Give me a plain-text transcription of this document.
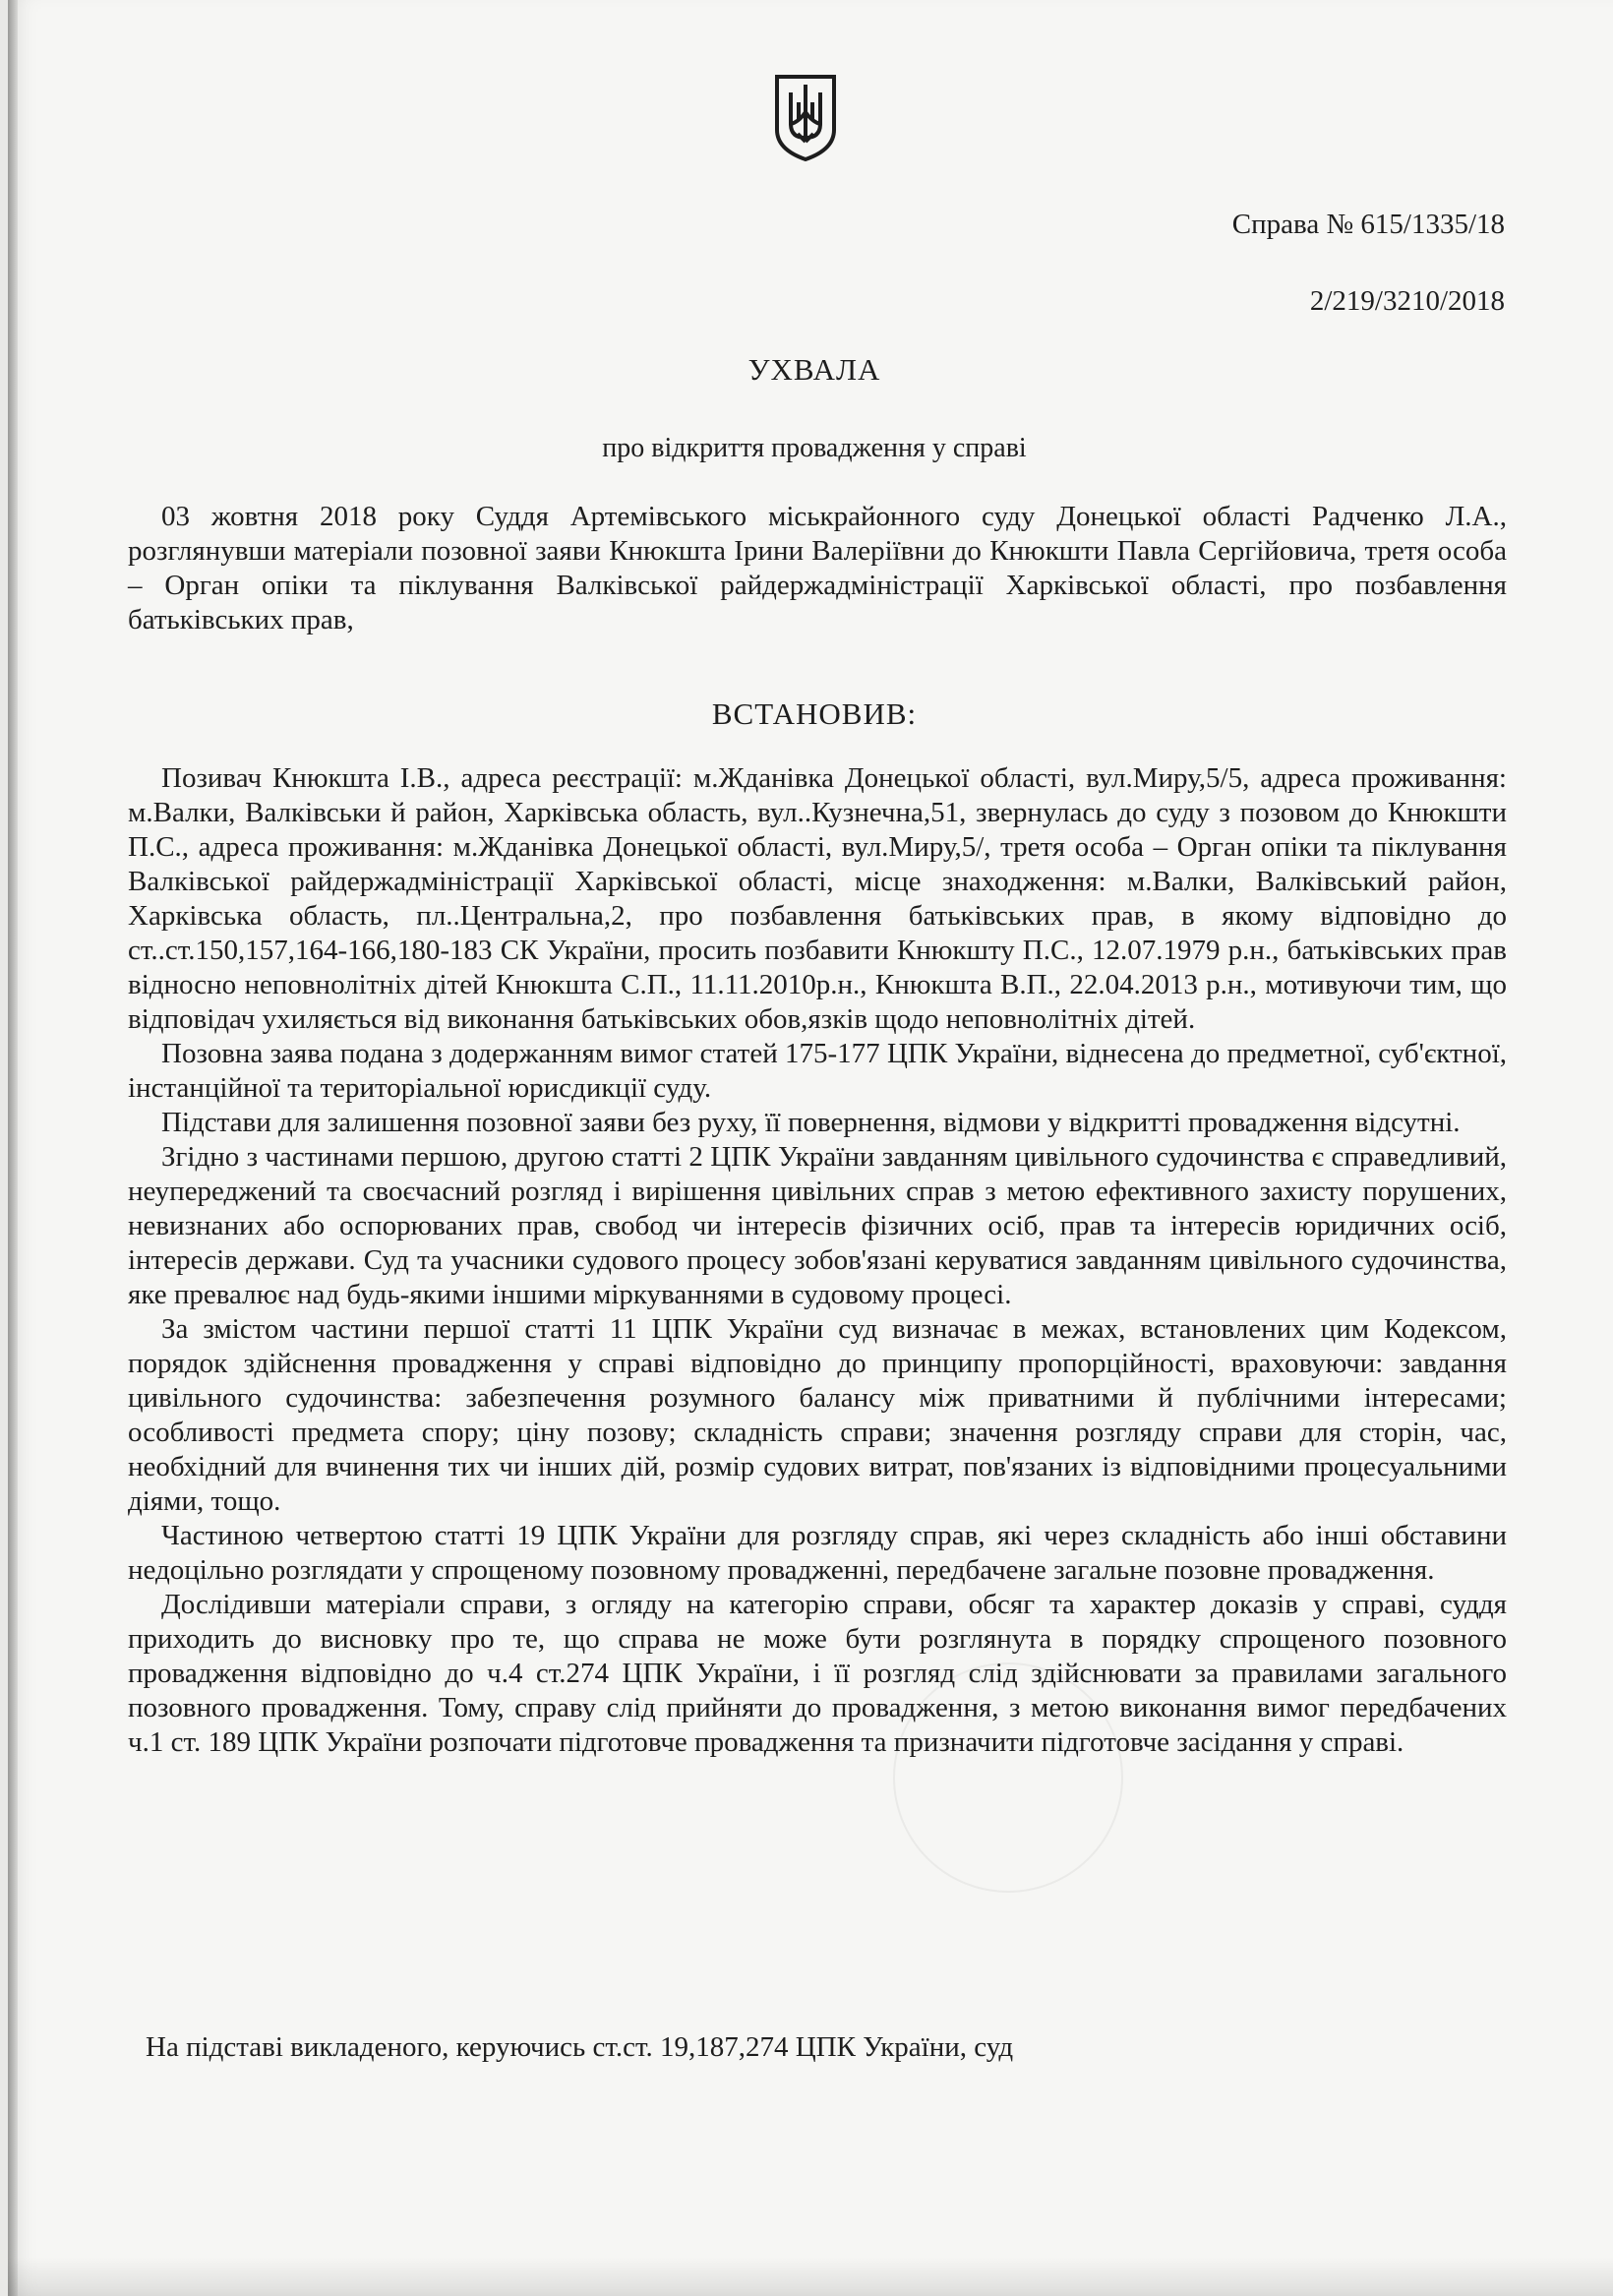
Справа № 615/1335/18
2/219/3210/2018
УХВАЛА
про відкриття провадження у справі

03 жовтня 2018 року Суддя Артемівського міськрайонного суду Донецької області Радченко Л.А., розглянувши матеріали позовної заяви Кнюкшта Ірини Валеріївни до Кнюкшти Павла Сергійовича, третя особа – Орган опіки та піклування Валківської райдержадміністрації Харківської області, про позбавлення батьківських прав,

ВСТАНОВИВ:

Позивач Кнюкшта І.В., адреса реєстрації: м.Жданівка Донецької області, вул.Миру,5/5, адреса проживання: м.Валки, Валківськи й район, Харківська область, вул..Кузнечна,51, звернулась до суду з позовом до Кнюкшти П.С., адреса проживання: м.Жданівка Донецької області, вул.Миру,5/, третя особа – Орган опіки та піклування Валківської райдержадміністрації Харківської області, місце знаходження: м.Валки, Валківський район, Харківська область, пл..Центральна,2, про позбавлення батьківських прав, в якому відповідно до ст..ст.150,157,164-166,180-183 СК України, просить позбавити Кнюкшту П.С., 12.07.1979 р.н., батьківських прав відносно неповнолітніх дітей Кнюкшта С.П., 11.11.2010р.н., Кнюкшта В.П., 22.04.2013 р.н., мотивуючи тим, що відповідач ухиляється від виконання батьківських обов,язків щодо неповнолітніх дітей.

Позовна заява подана з додержанням вимог статей 175-177 ЦПК України, віднесена до предметної, суб'єктної, інстанційної та територіальної юрисдикції суду.

Підстави для залишення позовної заяви без руху, її повернення, відмови у відкритті провадження відсутні.

Згідно з частинами першою, другою статті 2 ЦПК України завданням цивільного судочинства є справедливий, неупереджений та своєчасний розгляд і вирішення цивільних справ з метою ефективного захисту порушених, невизнаних або оспорюваних прав, свобод чи інтересів фізичних осіб, прав та інтересів юридичних осіб, інтересів держави. Суд та учасники судового процесу зобов'язані керуватися завданням цивільного судочинства, яке превалює над будь-якими іншими міркуваннями в судовому процесі.

За змістом частини першої статті 11 ЦПК України суд визначає в межах, встановлених цим Кодексом, порядок здійснення провадження у справі відповідно до принципу пропорційності, враховуючи: завдання цивільного судочинства: забезпечення розумного балансу між приватними й публічними інтересами; особливості предмета спору; ціну позову; складність справи; значення розгляду справи для сторін, час, необхідний для вчинення тих чи інших дій, розмір судових витрат, пов'язаних із відповідними процесуальними діями, тощо.

Частиною четвертою статті 19 ЦПК України для розгляду справ, які через складність або інші обставини недоцільно розглядати у спрощеному позовному провадженні, передбачене загальне позовне провадження.

Дослідивши матеріали справи, з огляду на категорію справи, обсяг та характер доказів у справі, суддя приходить до висновку про те, що справа не може бути розглянута в порядку спрощеного позовного провадження відповідно до ч.4 ст.274 ЦПК України, і її розгляд слід здійснювати за правилами загального позовного провадження. Тому, справу слід прийняти до провадження, з метою виконання вимог передбачених ч.1 ст. 189 ЦПК України розпочати підготовче провадження та призначити підготовче засідання у справі.

На підставі викладеного, керуючись ст.ст. 19,187,274 ЦПК України, суд
